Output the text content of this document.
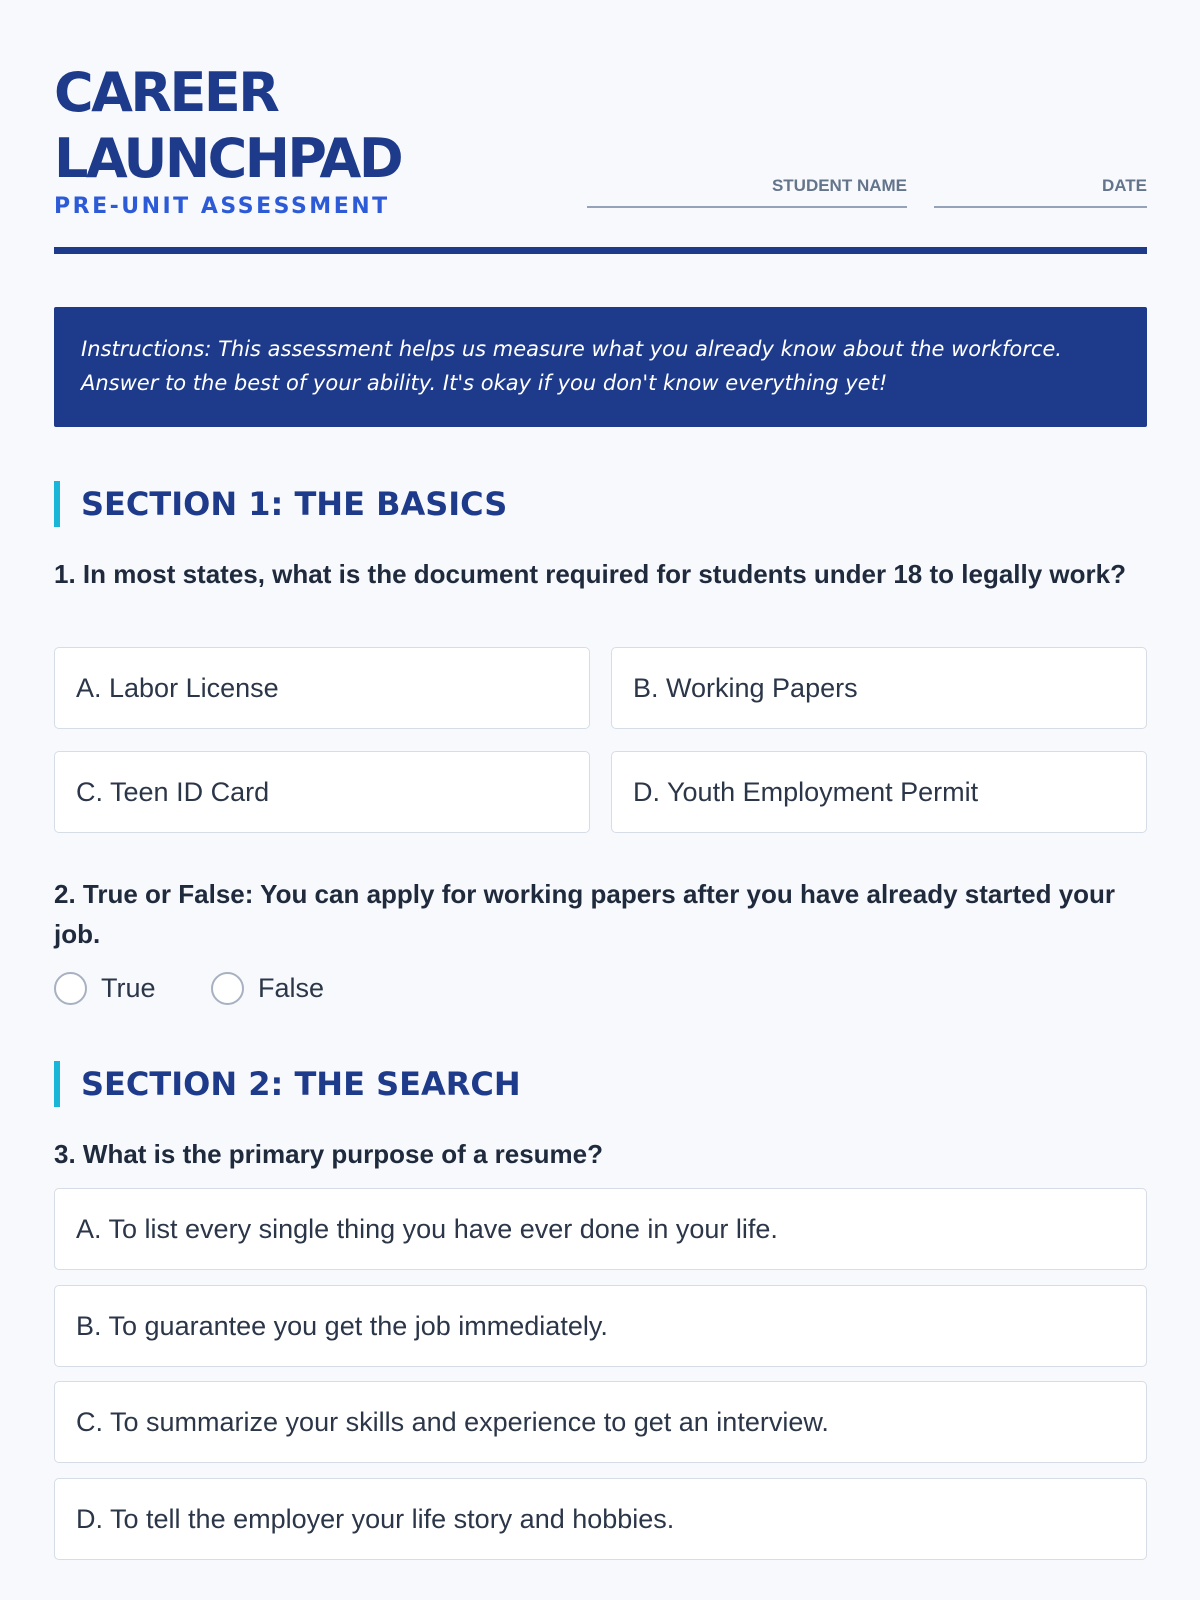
CAREER
LAUNCHPAD
PRE-UNIT ASSESSMENT
STUDENT NAME	DATE

Instructions: This assessment helps us measure what you already know about the workforce.

Answer to the best of your ability. It's okay if you don't know everything yet!

SECTION 1: THE BASICS
1. In most states, what is the document required for students under 18 to legally work?
A. Labor License	B. Working Papers
C. Teen ID Card	D. Youth Employment Permit
2. True or False: You can apply for working papers after you have already started your job.
True	False
SECTION 2: THE SEARCH
3. What is the primary purpose of a resume?
A. To list every single thing you have ever done in your life.
B. To guarantee you get the job immediately.
C. To summarize your skills and experience to get an interview.
D. To tell the employer your life story and hobbies.
